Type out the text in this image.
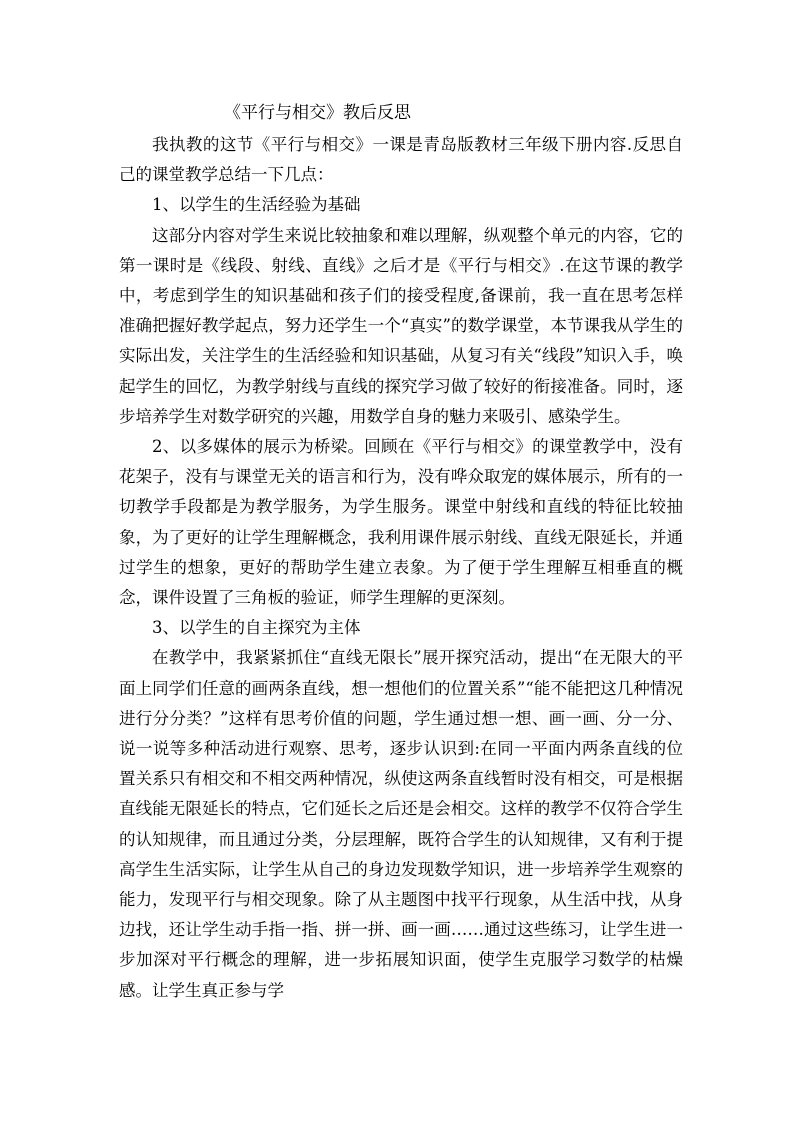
《平行与相交》教后反思

我执教的这节《平行与相交》一课是青岛版教材三年级下册内容.反思自己的课堂教学总结一下几点：

1、以学生的生活经验为基础

这部分内容对学生来说比较抽象和难以理解，纵观整个单元的内容，它的第一课时是《线段、射线、直线》之后才是《平行与相交》.在这节课的教学中，考虑到学生的知识基础和孩子们的接受程度,备课前，我一直在思考怎样准确把握好教学起点，努力还学生一个“真实”的数学课堂，本节课我从学生的实际出发，关注学生的生活经验和知识基础，从复习有关“线段”知识入手，唤起学生的回忆，为教学射线与直线的探究学习做了较好的衔接准备。同时，逐步培养学生对数学研究的兴趣，用数学自身的魅力来吸引、感染学生。

2、以多媒体的展示为桥梁。回顾在《平行与相交》的课堂教学中，没有花架子，没有与课堂无关的语言和行为，没有哗众取宠的媒体展示，所有的一切教学手段都是为教学服务，为学生服务。课堂中射线和直线的特征比较抽象，为了更好的让学生理解概念，我利用课件展示射线、直线无限延长，并通过学生的想象，更好的帮助学生建立表象。为了便于学生理解互相垂直的概念，课件设置了三角板的验证，师学生理解的更深刻。

3、以学生的自主探究为主体

在教学中，我紧紧抓住“直线无限长”展开探究活动，提出“在无限大的平面上同学们任意的画两条直线，想一想他们的位置关系”“能不能把这几种情况进行分分类？”这样有思考价值的问题，学生通过想一想、画一画、分一分、说一说等多种活动进行观察、思考，逐步认识到:在同一平面内两条直线的位置关系只有相交和不相交两种情况，纵使这两条直线暂时没有相交，可是根据直线能无限延长的特点，它们延长之后还是会相交。这样的教学不仅符合学生的认知规律，而且通过分类，分层理解，既符合学生的认知规律，又有利于提高学生生活实际，让学生从自己的身边发现数学知识，进一步培养学生观察的能力，发现平行与相交现象。除了从主题图中找平行现象，从生活中找，从身边找，还让学生动手指一指、拼一拼、画一画……通过这些练习，让学生进一步加深对平行概念的理解，进一步拓展知识面，使学生克服学习数学的枯燥感。让学生真正参与学
